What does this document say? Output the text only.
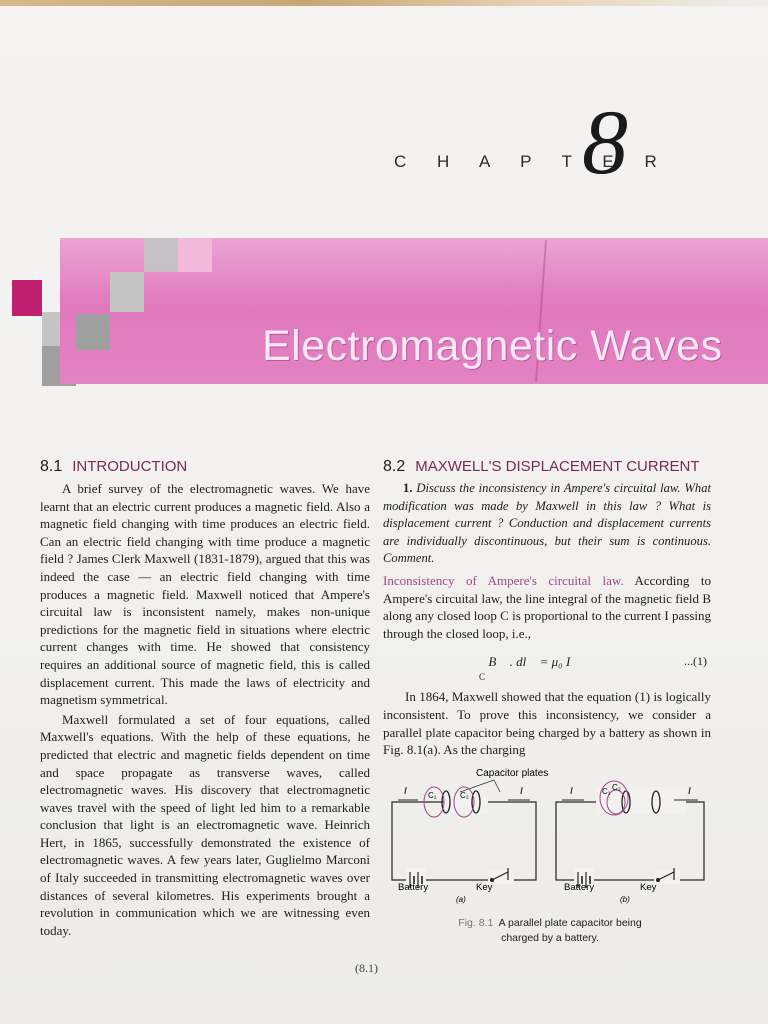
C H A P T E R
8
Electromagnetic Waves
8.1 INTRODUCTION

A brief survey of the electromagnetic waves. We have learnt that an electric current produces a magnetic field. Also a magnetic field changing with time produces an electric field. Can an electric field changing with time produce a magnetic field ? James Clerk Maxwell (1831-1879), argued that this was indeed the case — an electric field changing with time produces a magnetic field. Maxwell noticed that Ampere's circuital law is inconsistent namely, makes non-unique predictions for the magnetic field in situations where electric current changes with time. He showed that consistency requires an additional source of magnetic field, this is called displacement current. This made the laws of electricity and magnetism symmetrical.

Maxwell formulated a set of four equations, called Maxwell's equations. With the help of these equations, he predicted that electric and magnetic fields dependent on time and space propagate as transverse waves, called electromagnetic waves. His discovery that electromagnetic waves travel with the speed of light led him to a remarkable conclusion that light is an electromagnetic wave. Heinrich Hert, in 1865, successfully demonstrated the existence of electromagnetic waves. A few years later, Guglielmo Marconi of Italy succeeded in transmitting electromagnetic waves over distances of several kilometres. His experiments brought a revolution in communication which we are witnessing even today.

8.2 MAXWELL'S DISPLACEMENT CURRENT

1. Discuss the inconsistency in Ampere's circuital law. What modification was made by Maxwell in this law ? What is displacement current ? Conduction and displacement currents are individually discontinuous, but their sum is continuous. Comment.

Inconsistency of Ampere's circuital law. According to Ampere's circuital law, the line integral of the magnetic field B along any closed loop C is proportional to the current I passing through the closed loop, i.e.,

∮ B⃗ . dl⃗ = μ₀ I
C
...(1)

In 1864, Maxwell showed that the equation (1) is logically inconsistent. To prove this inconsistency, we consider a parallel plate capacitor being charged by a battery as shown in Fig. 8.1(a). As the charging

Capacitor plates
C₁	C₂
I	I
Battery	Key
(a)
C₁ C₂
I	I
Battery	Key
(b)
Fig. 8.1 A parallel plate capacitor being charged by a battery.
(8.1)
